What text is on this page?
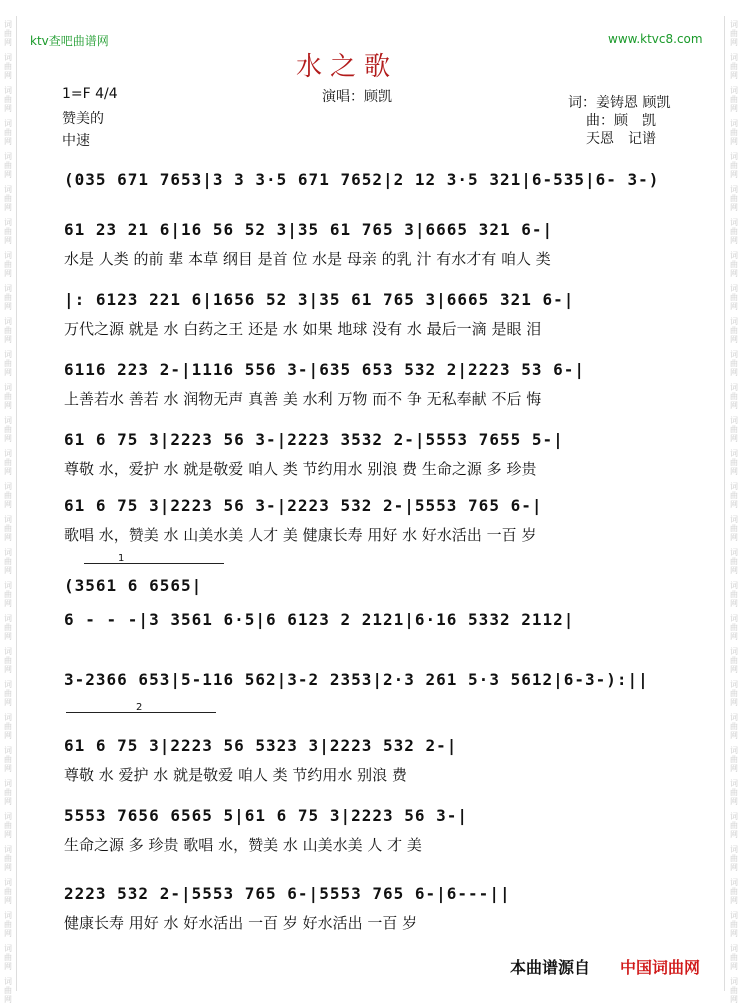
词
曲
网
词
曲
网
词
曲
网
词
曲
网
词
曲
网
词
曲
网
词
曲
网
词
曲
网
词
曲
网
词
曲
网
词
曲
网
词
曲
网
词
曲
网
词
曲
网
词
曲
网
词
曲
网
词
曲
网
词
曲
网
词
曲
网
词
曲
网
词
曲
网
词
曲
网
词
曲
网
词
曲
网
词
曲
网
词
曲
网
词
曲
网
词
曲
网
词
曲
网
词
曲
网
词
曲
网
词
曲
网
词
曲
网
词
曲
网
词
曲
网
词
曲
网
词
曲
网
词
曲
网
词
曲
网
词
曲
网
词
曲
网
词
曲
网
词
曲
网
词
曲
网
词
曲
网
词
曲
网
词
曲
网
词
曲
网
词
曲
网
词
曲
网
词
曲
网
词
曲
网
词
曲
网
词
曲
网
词
曲
网
词
曲
网
词
曲
网
词
曲
网
词
曲
网
词
曲
网
ktv查吧曲谱网	www.ktvc8.com
水之歌
1=F 4/4
赞美的
中速
演唱：顾凯	词：姜铸恩 顾凯
曲：顾　凯
天恩　记谱
(035 671 7653|3 3 3·5 671 7652|2 12 3·5 321|6-535|6- 3-)
61 23 21 6|16 56 52 3|35 61 765 3|6665 321 6-|
水是 人类 的前 辈 本草 纲目 是首 位 水是 母亲 的乳 汁 有水才有 咱人 类
|: 6123 221 6|1656 52 3|35 61 765 3|6665 321 6-|
万代之源 就是 水 白药之王 还是 水 如果 地球 没有 水 最后一滴 是眼 泪
6116 223 2-|1116 556 3-|635 653 532 2|2223 53 6-|
上善若水 善若 水 润物无声 真善 美 水利 万物 而不 争 无私奉献 不后 悔
61 6 75 3|2223 56 3-|2223 3532 2-|5553 7655 5-|
尊敬 水，爱护 水 就是敬爱 咱人 类 节约用水 别浪 费 生命之源 多 珍贵
61 6 75 3|2223 56 3-|2223 532 2-|5553 765 6-|
歌唱 水，赞美 水 山美水美 人才 美 健康长寿 用好 水 好水活出 一百 岁
1
(3561 6 6565|
6 - - -|3 3561 6·5|6 6123 2 2121|6·16 5332 2112|
3-2366 653|5-116 562|3-2 2353|2·3 261 5·3 5612|6-3-):||
2
61 6 75 3|2223 56 5323 3|2223 532 2-|
尊敬 水 爱护 水 就是敬爱 咱人 类 节约用水 别浪 费
5553 7656 6565 5|61 6 75 3|2223 56 3-|
生命之源 多 珍贵 歌唱 水，赞美 水 山美水美 人 才 美
2223 532 2-|5553 765 6-|5553 765 6-|6---||
健康长寿 用好 水 好水活出 一百 岁 好水活出 一百 岁
本曲谱源自 中国词曲网
